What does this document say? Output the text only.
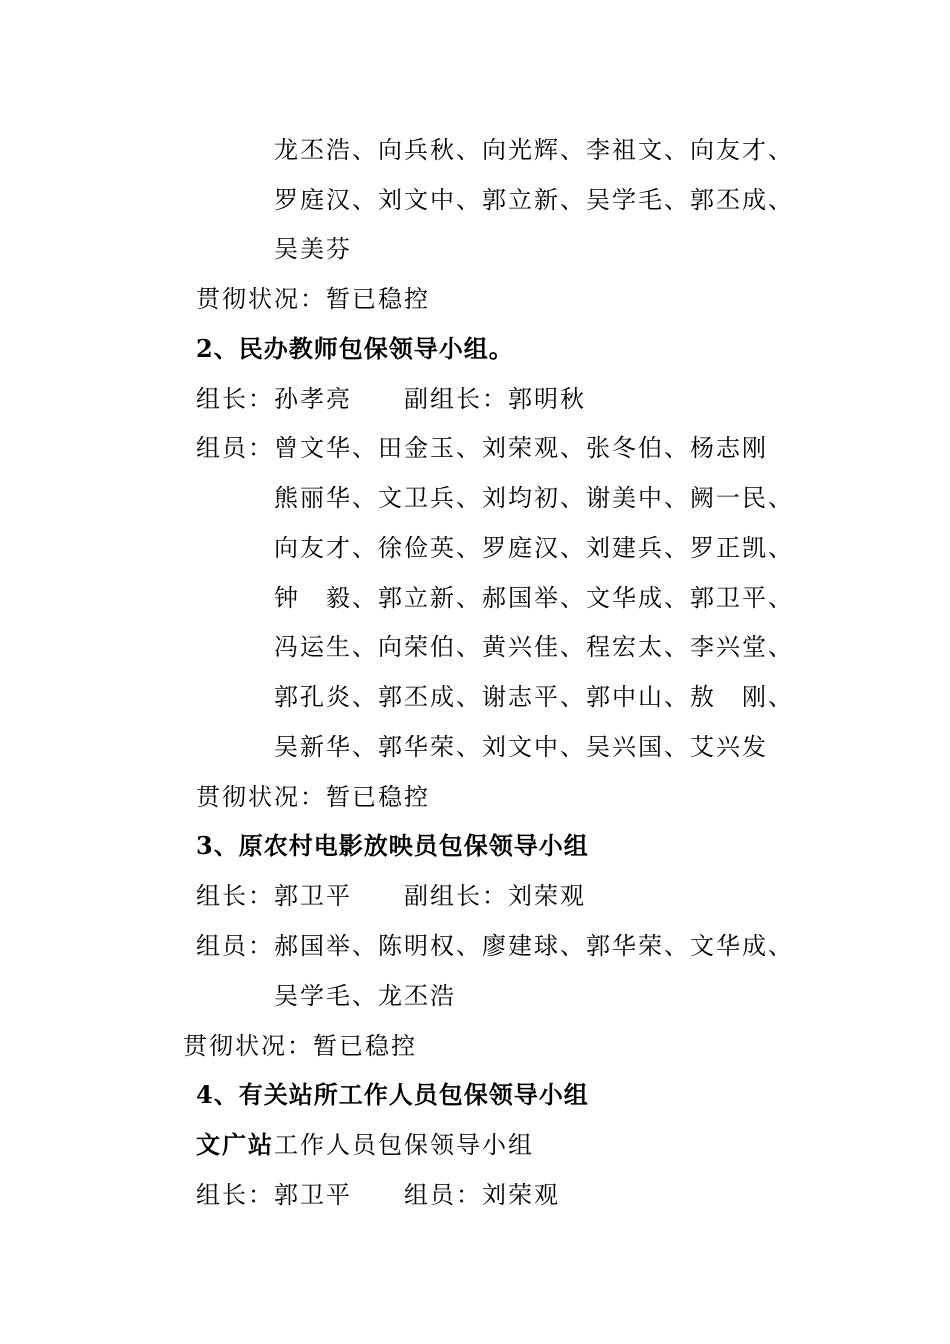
龙丕浩、向兵秋、向光辉、李祖文、向友才、
罗庭汉、刘文中、郭立新、吴学毛、郭丕成、
吴美芬
贯彻状况：暂已稳控
2、民办教师包保领导小组。
组长：孙孝亮 副组长：郭明秋
组员： 曾文华、田金玉、刘荣观、张冬伯、杨志刚
熊丽华、文卫兵、刘均初、谢美中、阙一民、
向友才、徐俭英、罗庭汉、刘建兵、罗正凯、
钟　毅、郭立新、郝国举、文华成、郭卫平、
冯运生、向荣伯、黄兴佳、程宏太、李兴堂、
郭孔炎、郭丕成、谢志平、郭中山、敖　刚、
吴新华、郭华荣、刘文中、吴兴国、艾兴发
贯彻状况：暂已稳控
3、原农村电影放映员包保领导小组
组长：郭卫平 副组长：刘荣观
组员： 郝国举、陈明权、廖建球、郭华荣、文华成、
吴学毛、龙丕浩
贯彻状况：暂已稳控
4、有关站所工作人员包保领导小组
文广站工作人员包保领导小组
组长：郭卫平 组员：刘荣观
